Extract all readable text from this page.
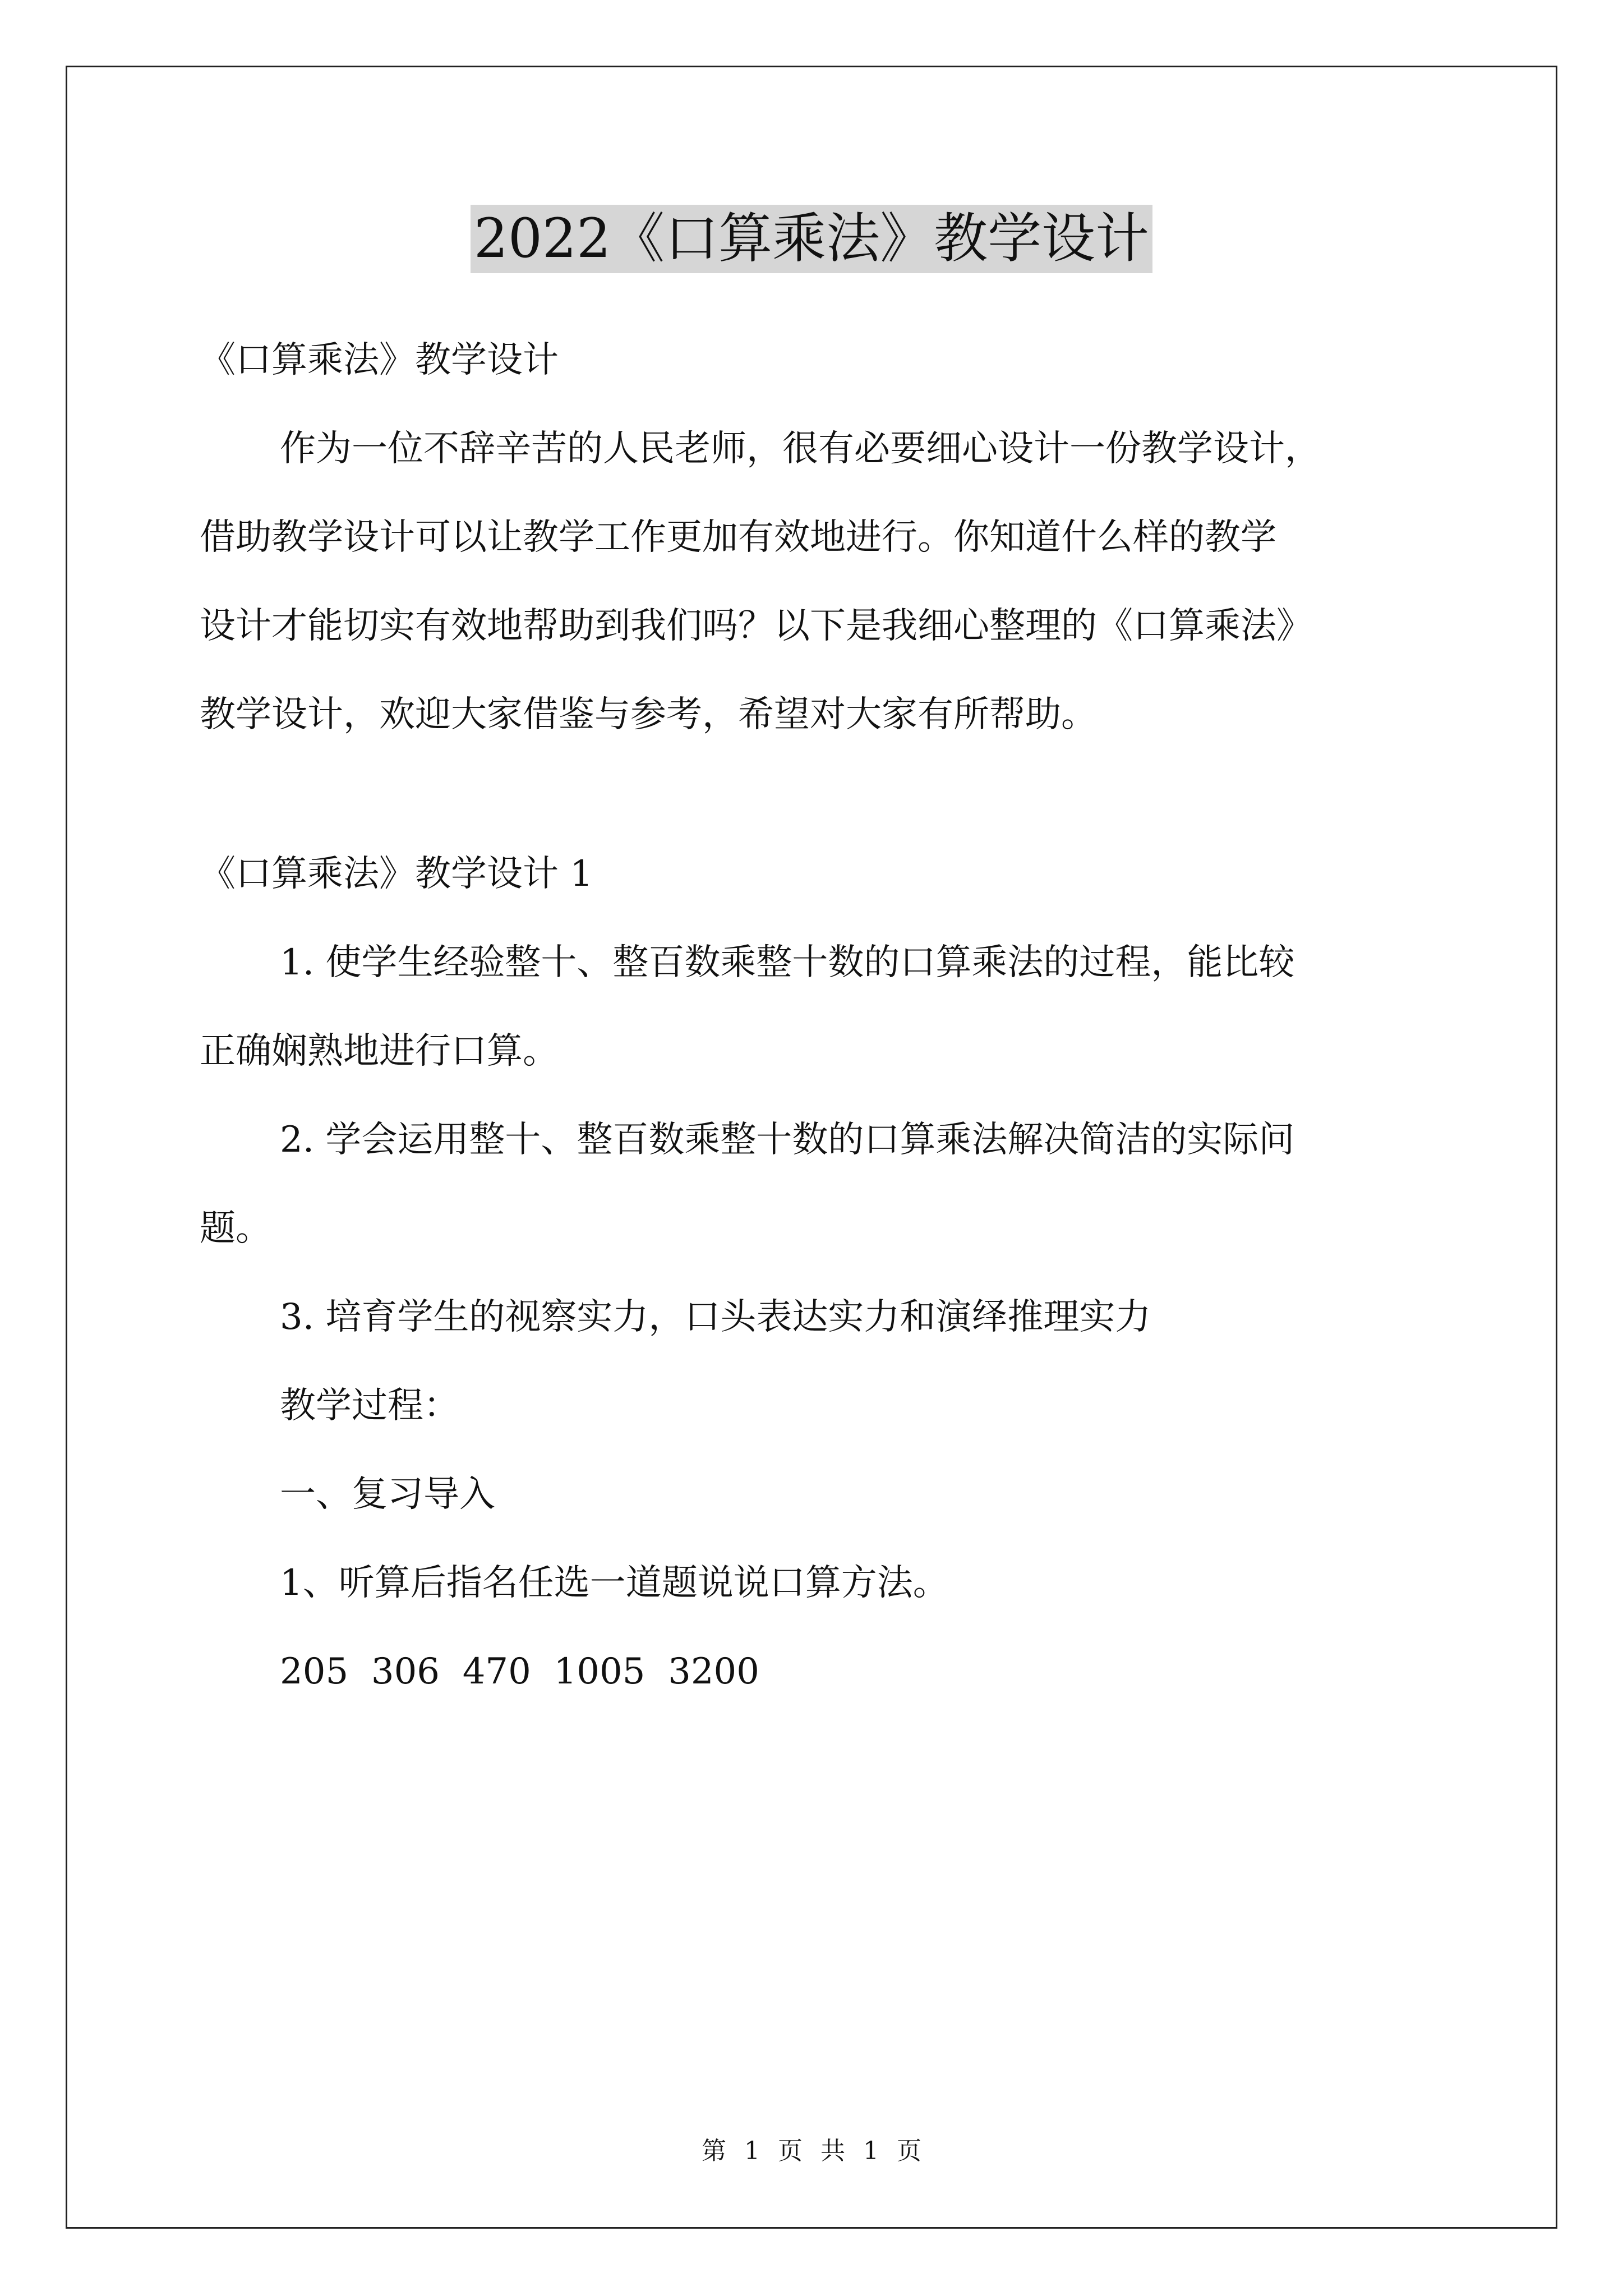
2022《口算乘法》教学设计
《口算乘法》教学设计
作为一位不辞辛苦的人民老师，很有必要细心设计一份教学设计，
借助教学设计可以让教学工作更加有效地进行。你知道什么样的教学
设计才能切实有效地帮助到我们吗？以下是我细心整理的《口算乘法》
教学设计，欢迎大家借鉴与参考，希望对大家有所帮助。
《口算乘法》教学设计 1
1. 使学生经验整十、整百数乘整十数的口算乘法的过程，能比较
正确娴熟地进行口算。
2. 学会运用整十、整百数乘整十数的口算乘法解决简洁的实际问
题。
3. 培育学生的视察实力，口头表达实力和演绎推理实力
教学过程：
一、复习导入
1、听算后指名任选一道题说说口算方法。
205  306  470  1005  3200
第 1 页 共 1 页
